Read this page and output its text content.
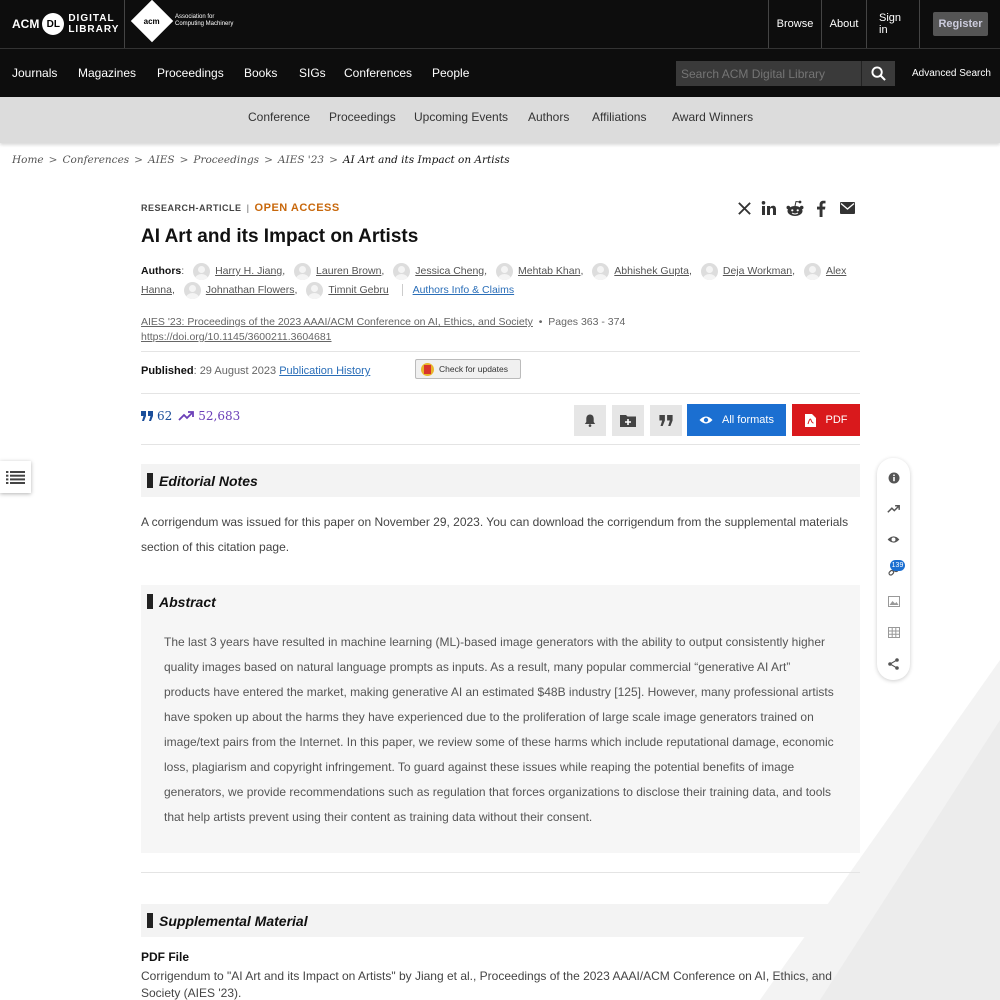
ACM DL DIGITAL
LIBRARY
acm Association for
Computing Machinery	Browse	About	Sign in	Register
Journals Magazines Proceedings Books SIGs Conferences People
Search ACM Digital Library	Advanced Search
Conference Proceedings Upcoming Events Authors Affiliations Award Winners
Home > Conferences > AIES > Proceedings > AIES '23 > AI Art and its Impact on Artists
RESEARCH-ARTICLE | OPEN ACCESS
AI Art and its Impact on Artists
Authors:	Harry H. Jiang,	Lauren Brown,	Jessica Cheng,	Mehtab Khan,	Abhishek Gupta,	Deja Workman,	Alex
Hanna,	Johnathan Flowers,	Timnit Gebru Authors Info & Claims
AIES '23: Proceedings of the 2023 AAAI/ACM Conference on AI, Ethics, and Society  •  Pages 363 - 374
https://doi.org/10.1145/3600211.3604681
Published: 29 August 2023 Publication History	Check for updates
62 52,683	All formats	PDF
139
Editorial Notes

A corrigendum was issued for this paper on November 29, 2023. You can download the corrigendum from the supplemental materials section of this citation page.

Abstract

The last 3 years have resulted in machine learning (ML)-based image generators with the ability to output consistently higher quality images based on natural language prompts as inputs. As a result, many popular commercial “generative AI Art” products have entered the market, making generative AI an estimated $48B industry [125]. However, many professional artists have spoken up about the harms they have experienced due to the proliferation of large scale image generators trained on image/text pairs from the Internet. In this paper, we review some of these harms which include reputational damage, economic loss, plagiarism and copyright infringement. To guard against these issues while reaping the potential benefits of image generators, we provide recommendations such as regulation that forces organizations to disclose their training data, and tools that help artists prevent using their content as training data without their consent.

Supplemental Material
PDF File
Corrigendum to "AI Art and its Impact on Artists" by Jiang et al., Proceedings of the 2023 AAAI/ACM Conference on AI, Ethics, and Society (AIES '23).
